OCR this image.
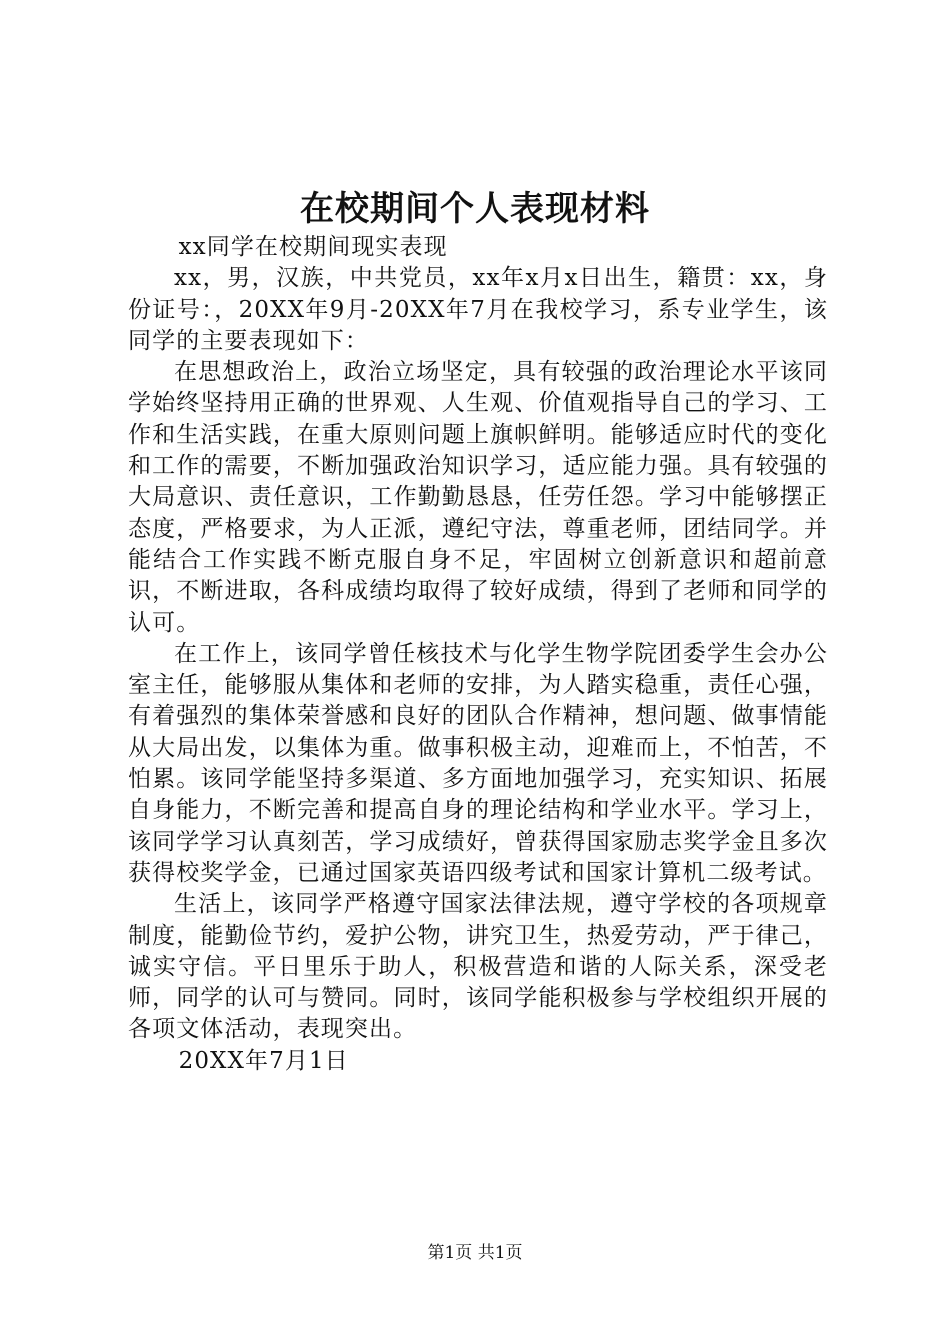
在校期间个人表现材料

xx同学在校期间现实表现

xx，男，汉族，中共党员，xx年x月x日出生，籍贯：xx，身份证号：，20XX年9月-20XX年7月在我校学习，系专业学生，该同学的主要表现如下：

在思想政治上，政治立场坚定，具有较强的政治理论水平该同学始终坚持用正确的世界观、人生观、价值观指导自己的学习、工作和生活实践，在重大原则问题上旗帜鲜明。能够适应时代的变化和工作的需要，不断加强政治知识学习，适应能力强。具有较强的大局意识、责任意识，工作勤勤恳恳，任劳任怨。学习中能够摆正态度，严格要求，为人正派，遵纪守法，尊重老师，团结同学。并能结合工作实践不断克服自身不足，牢固树立创新意识和超前意识，不断进取，各科成绩均取得了较好成绩，得到了老师和同学的认可。

在工作上，该同学曾任核技术与化学生物学院团委学生会办公室主任，能够服从集体和老师的安排，为人踏实稳重，责任心强，有着强烈的集体荣誉感和良好的团队合作精神，想问题、做事情能从大局出发，以集体为重。做事积极主动，迎难而上，不怕苦，不怕累。该同学能坚持多渠道、多方面地加强学习，充实知识、拓展自身能力，不断完善和提高自身的理论结构和学业水平。学习上，该同学学习认真刻苦，学习成绩好，曾获得国家励志奖学金且多次获得校奖学金，已通过国家英语四级考试和国家计算机二级考试。

生活上，该同学严格遵守国家法律法规，遵守学校的各项规章制度，能勤俭节约，爱护公物，讲究卫生，热爱劳动，严于律己，诚实守信。平日里乐于助人，积极营造和谐的人际关系，深受老师，同学的认可与赞同。同时，该同学能积极参与学校组织开展的各项文体活动，表现突出。

20XX年7月1日

第1页 共1页
